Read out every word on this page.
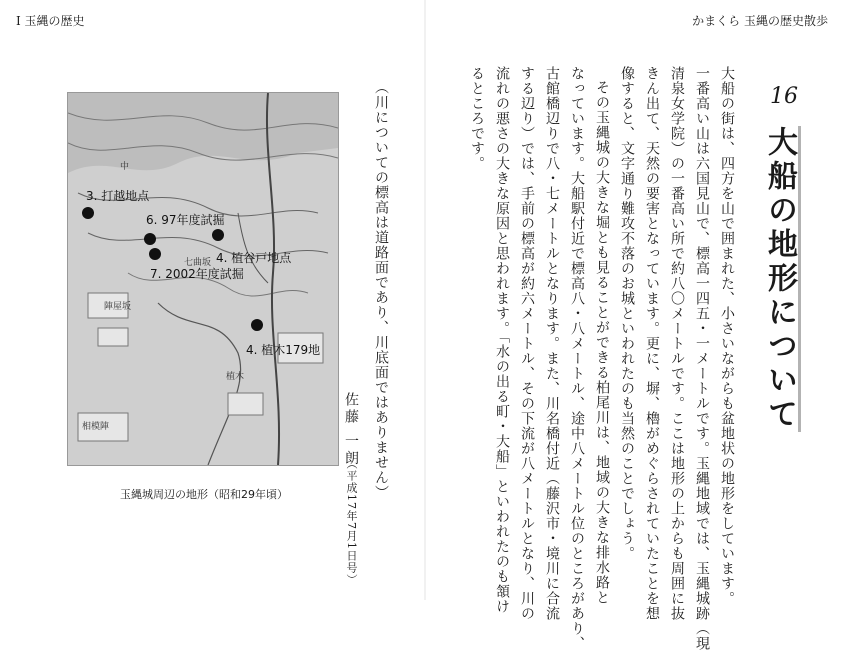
I 玉縄の歴史	かまくら 玉縄の歴史散歩
16
大船の地形について
大船の街は、四方を山で囲まれた、小さいながらも盆地状の地形をしています。
一番高い山は六国見山で、標高一四五・一メートルです。玉縄地域では、玉縄城跡（現
清泉女学院）の一番高い所で約八〇メートルです。ここは地形の上からも周囲に抜
きん出て、天然の要害となっています。更に、塀、櫓がめぐらされていたことを想
像すると、文字通り難攻不落のお城といわれたのも当然のことでしょう。
その玉縄城の大きな堀とも見ることができる柏尾川は、地域の大きな排水路と
なっています。大船駅付近で標高八・八メートル、途中八メートル位のところがあり、
古館橋辺りで八・七メートルとなります。また、川名橋付近（藤沢市・境川に合流
する辺り）では、手前の標高が約六メートル、その下流が八メートルとなり、川の
流れの悪さの大きな原因と思われます。「水の出る町・大船」といわれたのも頷け
るところです。
（川についての標高は道路面であり、川底面ではありません）
佐藤 一朗
（平成17年7月1日号）
3. 打越地点
6. 97年度試掘
4. 植谷戸地点
7. 2002年度試掘
4. 植木179地
陣屋坂
植木
相模陣
中
七曲坂
玉縄城周辺の地形（昭和29年頃）
